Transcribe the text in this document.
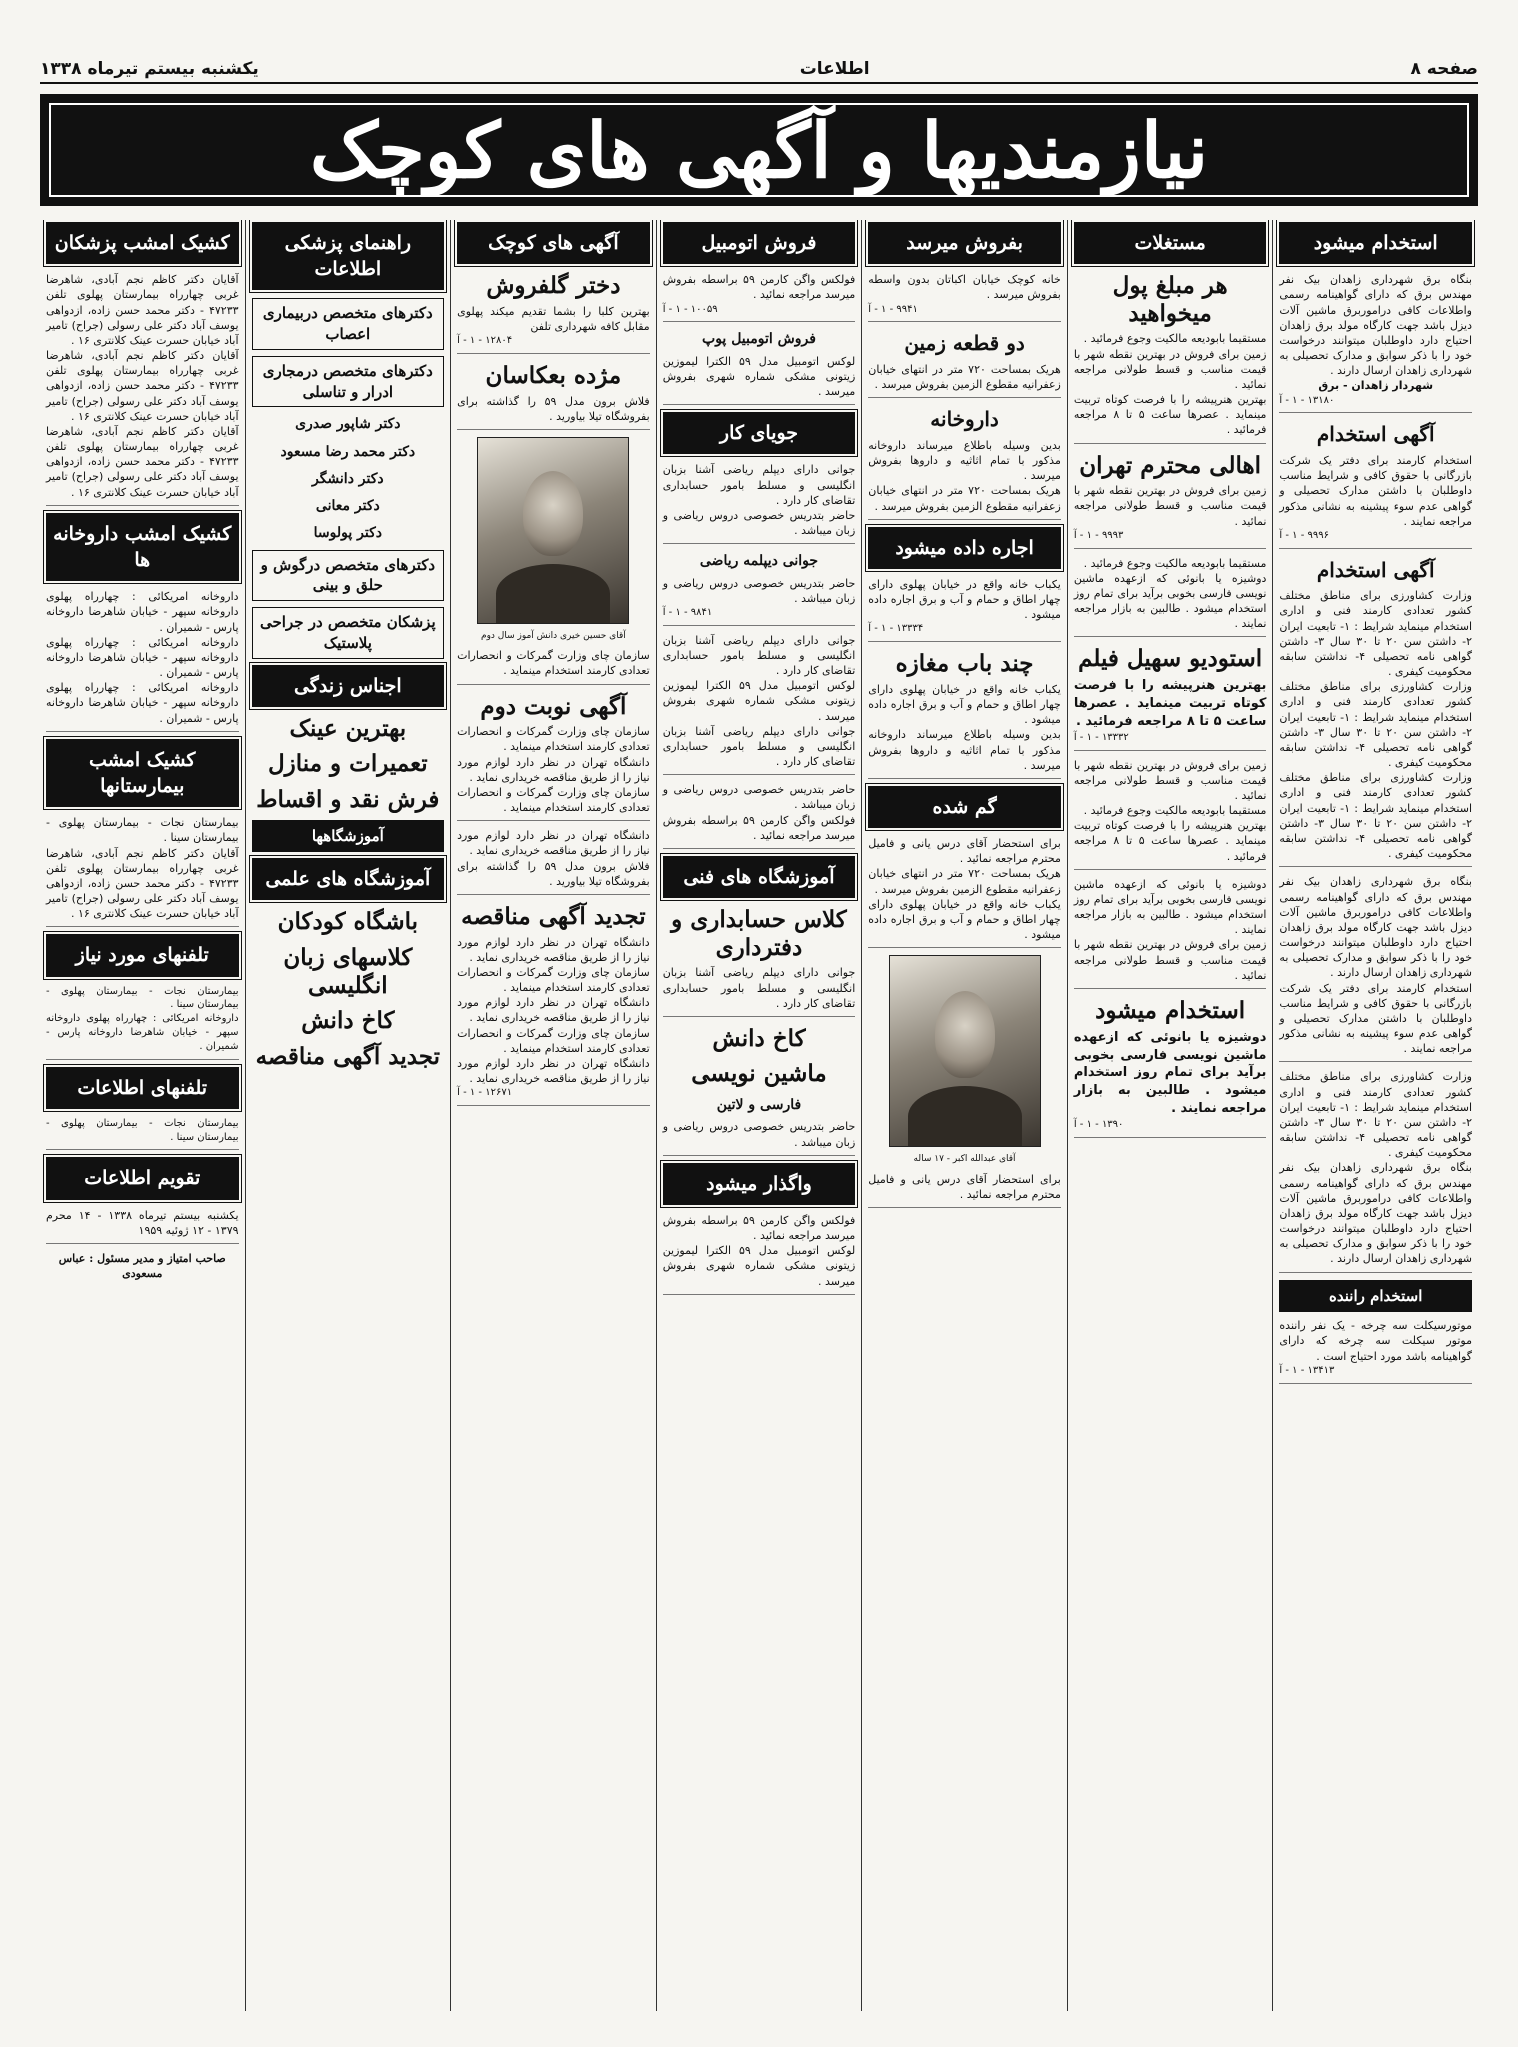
صفحه ۸
اطلاعات
یکشنبه بیستم تیرماه ۱۳۳۸
نیازمندیها و آگهی های کوچک
استخدام میشود

بنگاه برق شهرداری زاهدان بیک نفر مهندس برق که دارای گواهینامه رسمی واطلاعات کافی دراموربرق ماشین آلات دیزل باشد جهت کارگاه مولد برق زاهدان احتیاج دارد داوطلبان میتوانند درخواست خود را با ذکر سوابق و مدارک تحصیلی به شهرداری زاهدان ارسال دارند .

شهردار زاهدان - برق

۱۳۱۸۰ - ۱ - آ

آگهی استخدام

استخدام کارمند برای دفتر یک شرکت بازرگانی با حقوق کافی و شرایط مناسب داوطلبان با داشتن مدارک تحصیلی و گواهی عدم سوء پیشینه به نشانی مذکور مراجعه نمایند .

۹۹۹۶ - ۱ - آ

آگهی استخدام

وزارت کشاورزی برای مناطق مختلف کشور تعدادی کارمند فنی و اداری استخدام مینماید شرایط : ۱- تابعیت ایران ۲- داشتن سن ۲۰ تا ۳۰ سال ۳- داشتن گواهی نامه تحصیلی ۴- نداشتن سابقه محکومیت کیفری .

وزارت کشاورزی برای مناطق مختلف کشور تعدادی کارمند فنی و اداری استخدام مینماید شرایط : ۱- تابعیت ایران ۲- داشتن سن ۲۰ تا ۳۰ سال ۳- داشتن گواهی نامه تحصیلی ۴- نداشتن سابقه محکومیت کیفری .

وزارت کشاورزی برای مناطق مختلف کشور تعدادی کارمند فنی و اداری استخدام مینماید شرایط : ۱- تابعیت ایران ۲- داشتن سن ۲۰ تا ۳۰ سال ۳- داشتن گواهی نامه تحصیلی ۴- نداشتن سابقه محکومیت کیفری .

بنگاه برق شهرداری زاهدان بیک نفر مهندس برق که دارای گواهینامه رسمی واطلاعات کافی دراموربرق ماشین آلات دیزل باشد جهت کارگاه مولد برق زاهدان احتیاج دارد داوطلبان میتوانند درخواست خود را با ذکر سوابق و مدارک تحصیلی به شهرداری زاهدان ارسال دارند .

استخدام کارمند برای دفتر یک شرکت بازرگانی با حقوق کافی و شرایط مناسب داوطلبان با داشتن مدارک تحصیلی و گواهی عدم سوء پیشینه به نشانی مذکور مراجعه نمایند .

وزارت کشاورزی برای مناطق مختلف کشور تعدادی کارمند فنی و اداری استخدام مینماید شرایط : ۱- تابعیت ایران ۲- داشتن سن ۲۰ تا ۳۰ سال ۳- داشتن گواهی نامه تحصیلی ۴- نداشتن سابقه محکومیت کیفری .

بنگاه برق شهرداری زاهدان بیک نفر مهندس برق که دارای گواهینامه رسمی واطلاعات کافی دراموربرق ماشین آلات دیزل باشد جهت کارگاه مولد برق زاهدان احتیاج دارد داوطلبان میتوانند درخواست خود را با ذکر سوابق و مدارک تحصیلی به شهرداری زاهدان ارسال دارند .

استخدام راننده

موتورسیکلت سه چرخه - یک نفر راننده موتور سیکلت سه چرخه که دارای گواهینامه باشد مورد احتیاج است .

۱۳۴۱۳ - ۱ - آ

مستغلات
هر مبلغ پول میخواهید

مستقیما بابودیعه مالکیت وجوع فرمائید .

زمین برای فروش در بهترین نقطه شهر با قیمت مناسب و قسط طولانی مراجعه نمائید .

بهترین هنرپیشه را با فرصت کوتاه تربیت مینماید . عصرها ساعت ۵ تا ۸ مراجعه فرمائید .

اهالی محترم تهران

زمین برای فروش در بهترین نقطه شهر با قیمت مناسب و قسط طولانی مراجعه نمائید .

۹۹۹۳ - ۱ - آ

مستقیما بابودیعه مالکیت وجوع فرمائید .

دوشیزه یا بانوئی که ازعهده ماشین نویسی فارسی بخوبی برآید برای تمام روز استخدام میشود . طالبین به بازار مراجعه نمایند .

استودیو سهیل فیلم

بهترین هنرپیشه را با فرصت کوتاه تربیت مینماید . عصرها ساعت ۵ تا ۸ مراجعه فرمائید .

۱۳۳۳۲ - ۱ - آ

زمین برای فروش در بهترین نقطه شهر با قیمت مناسب و قسط طولانی مراجعه نمائید .

مستقیما بابودیعه مالکیت وجوع فرمائید .

بهترین هنرپیشه را با فرصت کوتاه تربیت مینماید . عصرها ساعت ۵ تا ۸ مراجعه فرمائید .

دوشیزه یا بانوئی که ازعهده ماشین نویسی فارسی بخوبی برآید برای تمام روز استخدام میشود . طالبین به بازار مراجعه نمایند .

زمین برای فروش در بهترین نقطه شهر با قیمت مناسب و قسط طولانی مراجعه نمائید .

استخدام میشود

دوشیزه یا بانوئی که ازعهده ماشین نویسی فارسی بخوبی برآید برای تمام روز استخدام میشود . طالبین به بازار مراجعه نمایند .

۱۳۹۰ - ۱ - آ

بفروش میرسد

خانه کوچک خیابان اکباتان بدون واسطه بفروش میرسد .

۹۹۴۱ - ۱ - آ

دو قطعه زمین

هریک بمساحت ۷۲۰ متر در انتهای خیابان زعفرانیه مقطوع الزمین بفروش میرسد .

داروخانه

بدین وسیله باطلاع میرساند داروخانه مذکور با تمام اثاثیه و داروها بفروش میرسد .

هریک بمساحت ۷۲۰ متر در انتهای خیابان زعفرانیه مقطوع الزمین بفروش میرسد .

اجاره داده میشود

یکباب خانه واقع در خیابان پهلوی دارای چهار اطاق و حمام و آب و برق اجاره داده میشود .

۱۳۳۳۴ - ۱ - آ

چند باب مغازه

یکباب خانه واقع در خیابان پهلوی دارای چهار اطاق و حمام و آب و برق اجاره داده میشود .

بدین وسیله باطلاع میرساند داروخانه مذکور با تمام اثاثیه و داروها بفروش میرسد .

گم شده

برای استحضار آقای درس یانی و فامیل محترم مراجعه نمائید .

هریک بمساحت ۷۲۰ متر در انتهای خیابان زعفرانیه مقطوع الزمین بفروش میرسد .

یکباب خانه واقع در خیابان پهلوی دارای چهار اطاق و حمام و آب و برق اجاره داده میشود .

آقای عبدالله اکبر - ۱۷ ساله

برای استحضار آقای درس یانی و فامیل محترم مراجعه نمائید .

فروش اتومبیل

فولکس واگن کارمن ۵۹ براسطه بفروش میرسد مراجعه نمائید .

۱۰۰۵۹ - ۱ - آ

فروش اتومبیل پوپ

لوکس اتومبیل مدل ۵۹ الکترا لیموزین زیتونی مشکی شماره شهری بفروش میرسد .

جویای کار

جوانی دارای دیپلم ریاضی آشنا بزبان انگلیسی و مسلط بامور حسابداری تقاضای کار دارد .

حاضر بتدریس خصوصی دروس ریاضی و زبان میباشد .

جوانی دیپلمه ریاضی

حاضر بتدریس خصوصی دروس ریاضی و زبان میباشد .

۹۸۴۱ - ۱ - آ

جوانی دارای دیپلم ریاضی آشنا بزبان انگلیسی و مسلط بامور حسابداری تقاضای کار دارد .

لوکس اتومبیل مدل ۵۹ الکترا لیموزین زیتونی مشکی شماره شهری بفروش میرسد .

جوانی دارای دیپلم ریاضی آشنا بزبان انگلیسی و مسلط بامور حسابداری تقاضای کار دارد .

حاضر بتدریس خصوصی دروس ریاضی و زبان میباشد .

فولکس واگن کارمن ۵۹ براسطه بفروش میرسد مراجعه نمائید .

آموزشگاه های فنی
کلاس حسابداری و دفترداری

جوانی دارای دیپلم ریاضی آشنا بزبان انگلیسی و مسلط بامور حسابداری تقاضای کار دارد .

کاخ دانش
ماشین نویسی
فارسی و لاتین

حاضر بتدریس خصوصی دروس ریاضی و زبان میباشد .

واگذار میشود

فولکس واگن کارمن ۵۹ براسطه بفروش میرسد مراجعه نمائید .

لوکس اتومبیل مدل ۵۹ الکترا لیموزین زیتونی مشکی شماره شهری بفروش میرسد .

آگهی های کوچک
دختر گلفروش

بهترین کلبا را بشما تقدیم میکند پهلوی مقابل کافه شهرداری تلفن

۱۲۸۰۴ - ۱ - آ

مژده بعکاسان

فلاش برون مدل ۵۹ را گذاشته برای بفروشگاه تیلا بیاورید .

آقای حسین خیری دانش آموز سال دوم

سازمان چای وزارت گمرکات و انحصارات تعدادی کارمند استخدام مینماید .

آگهی نوبت دوم

سازمان چای وزارت گمرکات و انحصارات تعدادی کارمند استخدام مینماید .

دانشگاه تهران در نظر دارد لوازم مورد نیاز را از طریق مناقصه خریداری نماید .

سازمان چای وزارت گمرکات و انحصارات تعدادی کارمند استخدام مینماید .

دانشگاه تهران در نظر دارد لوازم مورد نیاز را از طریق مناقصه خریداری نماید .

فلاش برون مدل ۵۹ را گذاشته برای بفروشگاه تیلا بیاورید .

تجدید آگهی مناقصه

دانشگاه تهران در نظر دارد لوازم مورد نیاز را از طریق مناقصه خریداری نماید .

سازمان چای وزارت گمرکات و انحصارات تعدادی کارمند استخدام مینماید .

دانشگاه تهران در نظر دارد لوازم مورد نیاز را از طریق مناقصه خریداری نماید .

سازمان چای وزارت گمرکات و انحصارات تعدادی کارمند استخدام مینماید .

دانشگاه تهران در نظر دارد لوازم مورد نیاز را از طریق مناقصه خریداری نماید .

۱۲۶۷۱ - ۱ - آ

راهنمای پزشکی اطلاعات
دکترهای متخصص دربیماری اعصاب
دکترهای متخصص درمجاری ادرار و تناسلی
دکتر شاپور صدری
دکتر محمد رضا مسعود
دکتر دانشگر
دکتر معانی
دکتر پولوسا
دکترهای متخصص درگوش و حلق و بینی
پزشکان متخصص در جراحی پلاستیک
اجناس زندگی
بهترین عینک
تعمیرات و منازل
فرش نقد و اقساط
آموزشگاهها
آموزشگاه های علمی
باشگاه کودکان
کلاسهای زبان انگلیسی
کاخ دانش
تجدید آگهی مناقصه
کشیک امشب پزشکان

آقایان دکتر کاظم نجم آبادی، شاهرضا غربی چهارراه بیمارستان پهلوی تلفن ۴۷۲۳۳ - دکتر محمد حسن زاده، ازدواهی یوسف آباد دکتر علی رسولی (جراح) تامیر آباد خیابان حسرت عینک کلانتری ۱۶ .

آقایان دکتر کاظم نجم آبادی، شاهرضا غربی چهارراه بیمارستان پهلوی تلفن ۴۷۲۳۳ - دکتر محمد حسن زاده، ازدواهی یوسف آباد دکتر علی رسولی (جراح) تامیر آباد خیابان حسرت عینک کلانتری ۱۶ .

آقایان دکتر کاظم نجم آبادی، شاهرضا غربی چهارراه بیمارستان پهلوی تلفن ۴۷۲۳۳ - دکتر محمد حسن زاده، ازدواهی یوسف آباد دکتر علی رسولی (جراح) تامیر آباد خیابان حسرت عینک کلانتری ۱۶ .

کشیک امشب داروخانه ها

داروخانه امریکائی : چهارراه پهلوی داروخانه سپهر - خیابان شاهرضا داروخانه پارس - شمیران .

داروخانه امریکائی : چهارراه پهلوی داروخانه سپهر - خیابان شاهرضا داروخانه پارس - شمیران .

داروخانه امریکائی : چهارراه پهلوی داروخانه سپهر - خیابان شاهرضا داروخانه پارس - شمیران .

کشیک امشب بیمارستانها

بیمارستان نجات - بیمارستان پهلوی - بیمارستان سینا .

آقایان دکتر کاظم نجم آبادی، شاهرضا غربی چهارراه بیمارستان پهلوی تلفن ۴۷۲۳۳ - دکتر محمد حسن زاده، ازدواهی یوسف آباد دکتر علی رسولی (جراح) تامیر آباد خیابان حسرت عینک کلانتری ۱۶ .

تلفنهای مورد نیاز

بیمارستان نجات - بیمارستان پهلوی - بیمارستان سینا .

داروخانه امریکائی : چهارراه پهلوی داروخانه سپهر - خیابان شاهرضا داروخانه پارس - شمیران .

تلفنهای اطلاعات

بیمارستان نجات - بیمارستان پهلوی - بیمارستان سینا .

تقویم اطلاعات

یکشنبه بیستم تیرماه ۱۳۳۸ - ۱۴ محرم ۱۳۷۹ - ۱۲ ژوئیه ۱۹۵۹

صاحب امتیاز و مدیر مسئول : عباس مسعودی
